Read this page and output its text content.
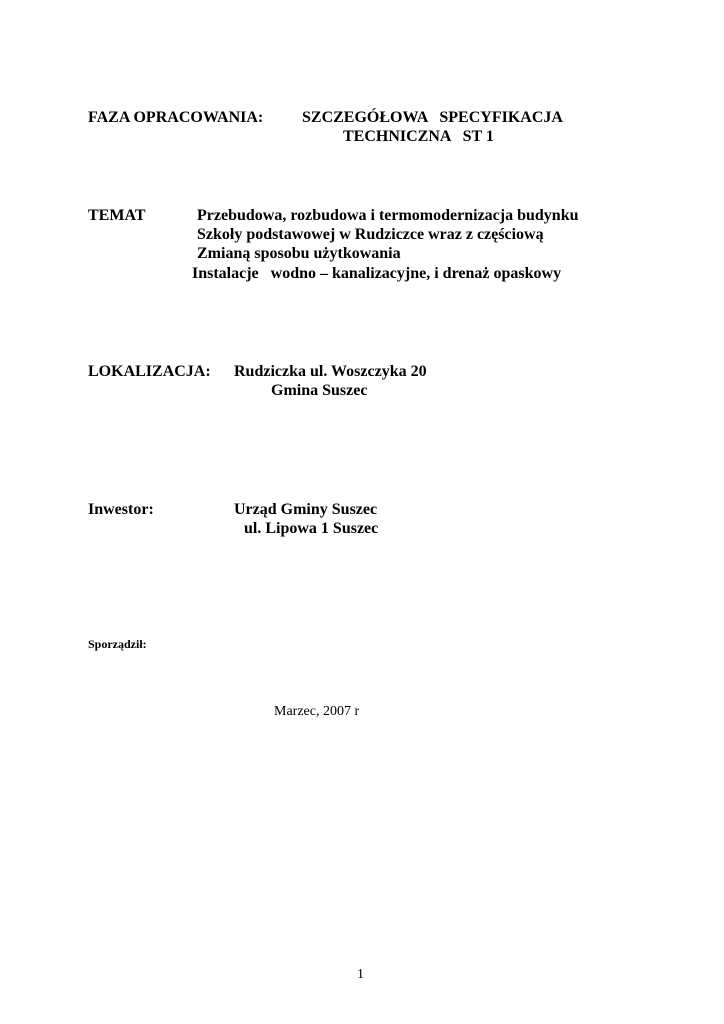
FAZA OPRACOWANIA: SZCZEGÓŁOWA   SPECYFIKACJA
TECHNICZNA   ST 1
TEMAT	Przebudowa, rozbudowa i termomodernizacja budynku
Szkoły podstawowej w Rudziczce wraz z częściową
Zmianą sposobu użytkowania
Instalacje   wodno – kanalizacyjne, i drenaż opaskowy
LOKALIZACJA: Rudziczka ul. Woszczyka 20
Gmina Suszec
Inwestor:	Urząd Gminy Suszec
ul. Lipowa 1 Suszec
Sporządził:
Marzec, 2007 r
1
